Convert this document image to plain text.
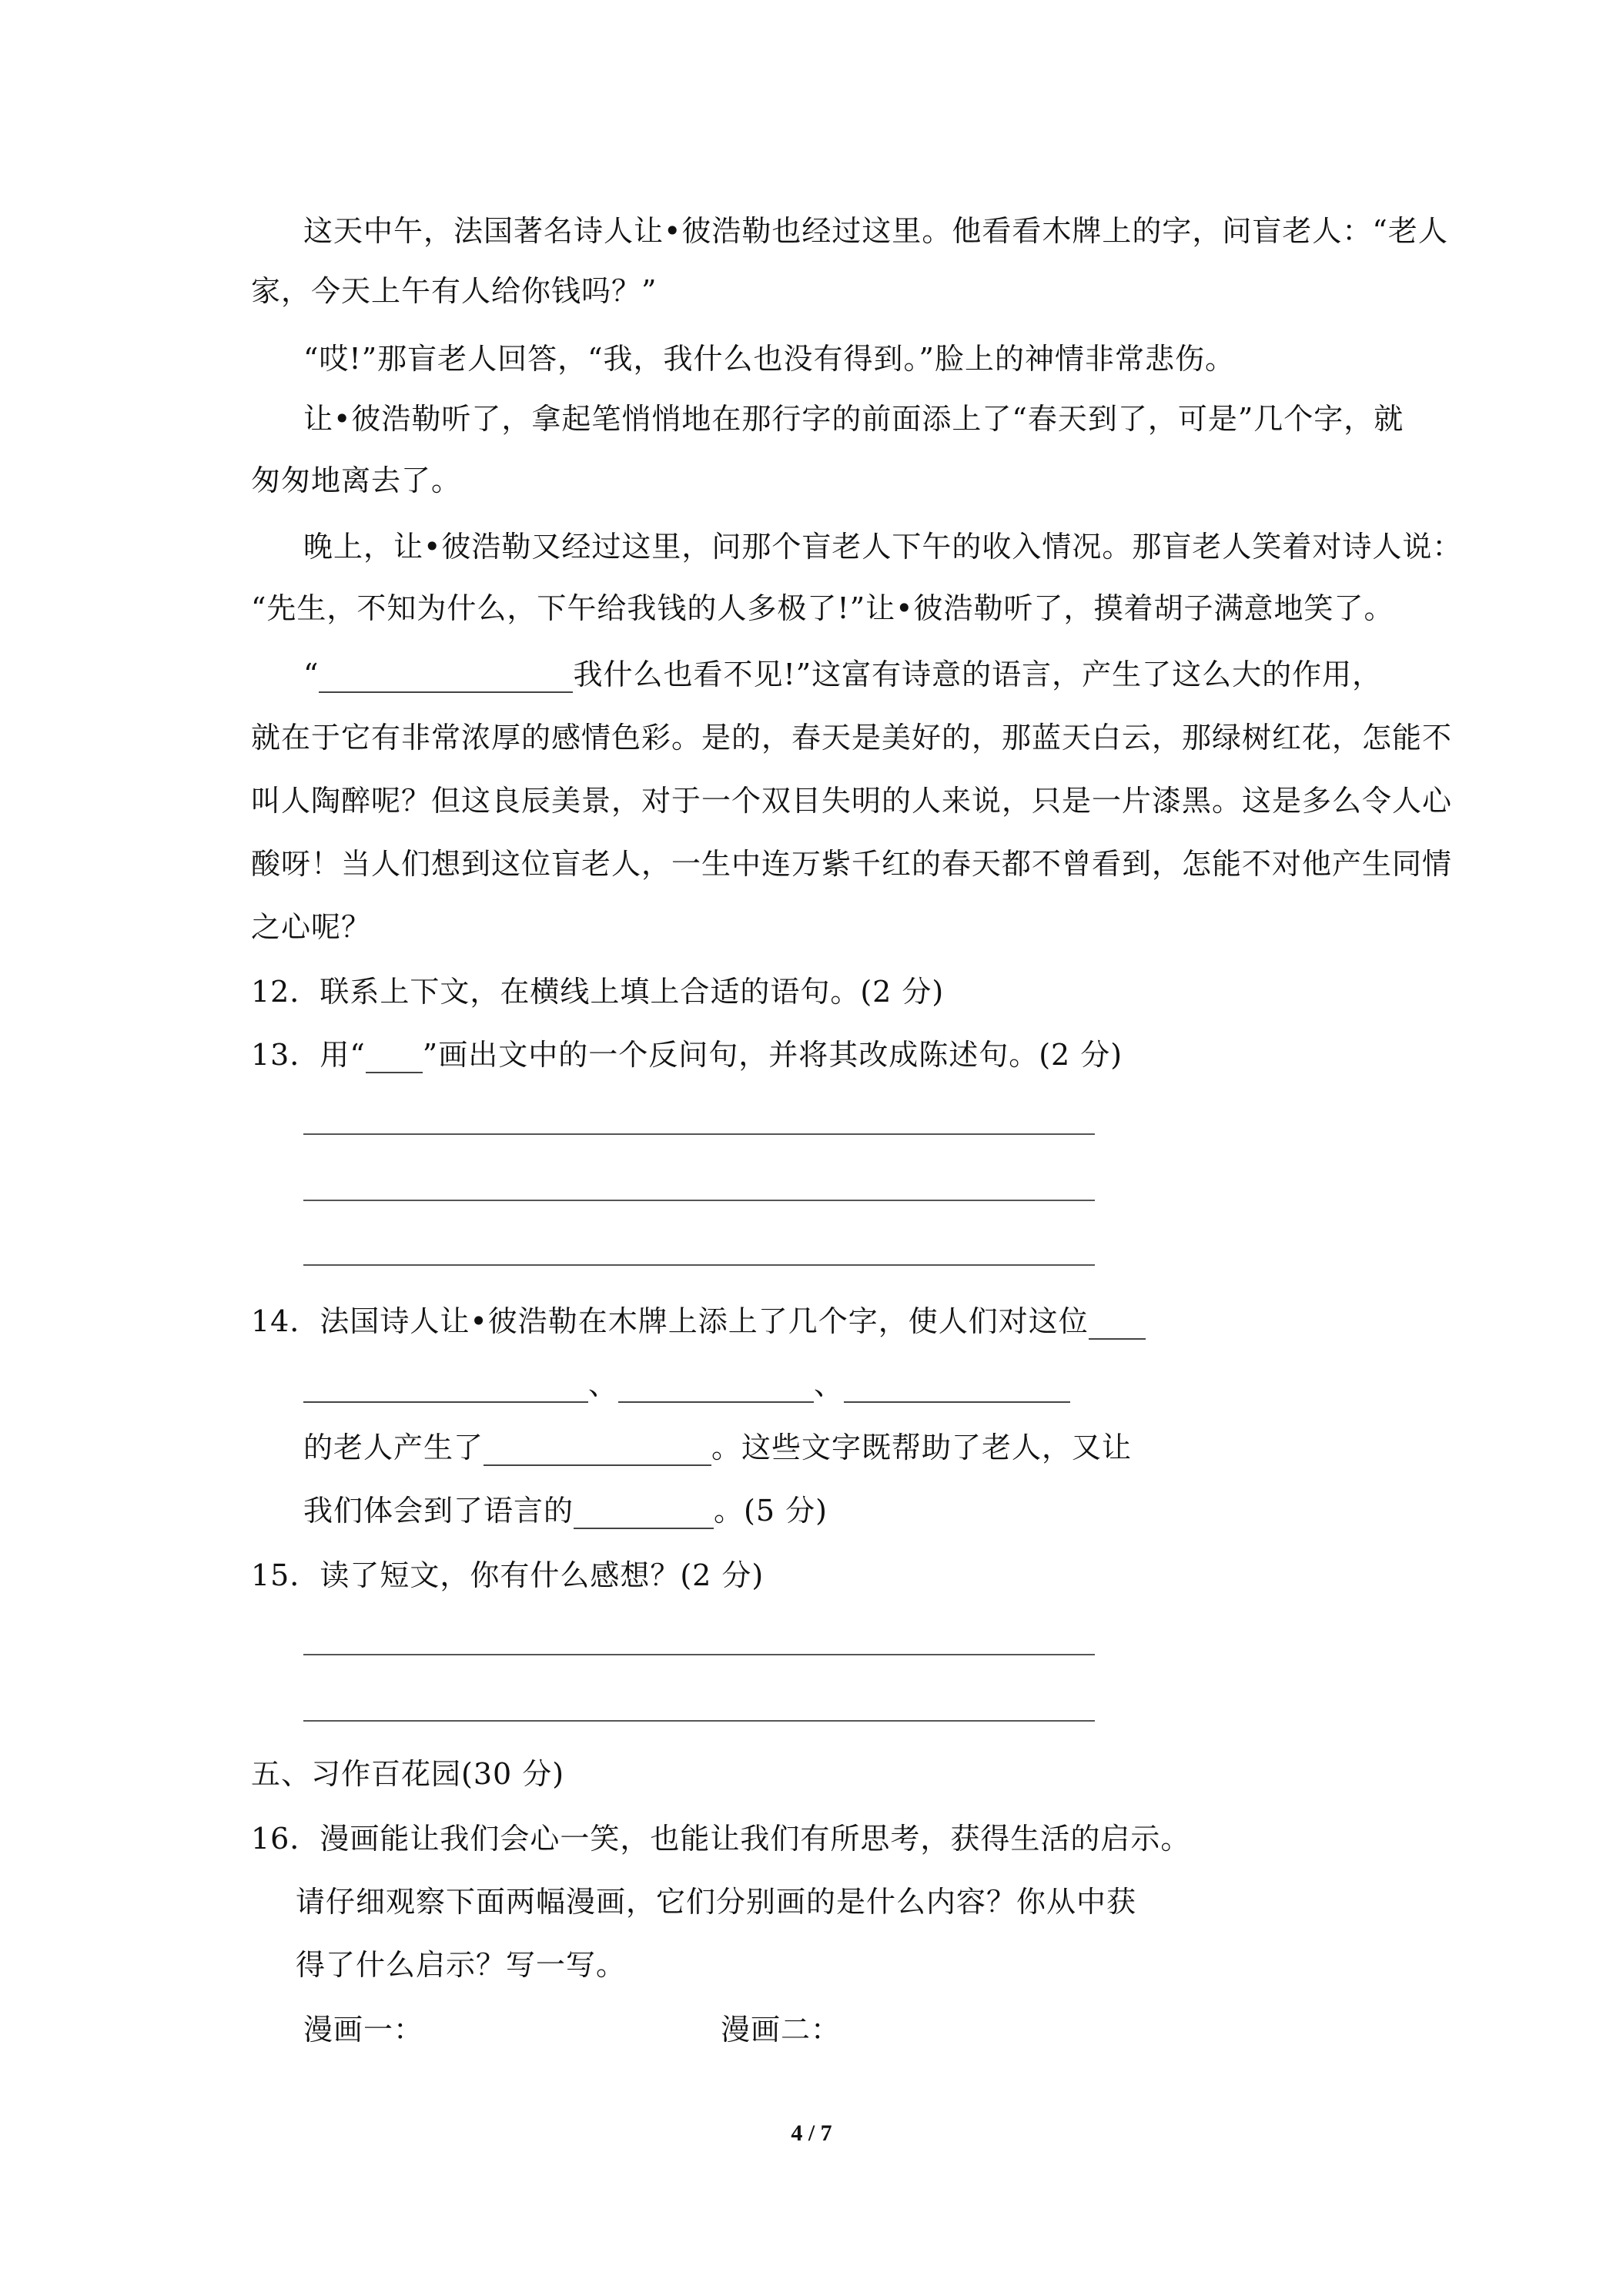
这天中午，法国著名诗人让•彼浩勒也经过这里。他看看木牌上的字，问盲老人：“老人
家，今天上午有人给你钱吗？”
“哎!”那盲老人回答，“我，我什么也没有得到。”脸上的神情非常悲伤。
让•彼浩勒听了，拿起笔悄悄地在那行字的前面添上了“春天到了，可是”几个字，就
匆匆地离去了。
晚上，让•彼浩勒又经过这里，问那个盲老人下午的收入情况。那盲老人笑着对诗人说：
“先生，不知为什么，下午给我钱的人多极了!”让•彼浩勒听了，摸着胡子满意地笑了。
“	我什么也看不见!”这富有诗意的语言，产生了这么大的作用，
就在于它有非常浓厚的感情色彩。是的，春天是美好的，那蓝天白云，那绿树红花，怎能不
叫人陶醉呢？但这良辰美景，对于一个双目失明的人来说，只是一片漆黑。这是多么令人心
酸呀！当人们想到这位盲老人，一生中连万紫千红的春天都不曾看到，怎能不对他产生同情
之心呢？
12．联系上下文，在横线上填上合适的语句。(2 分)
13．用“ ”画出文中的一个反问句，并将其改成陈述句。(2 分)
14．法国诗人让•彼浩勒在木牌上添上了几个字，使人们对这位
、	、
的老人产生了	。这些文字既帮助了老人，又让
我们体会到了语言的	。(5 分)
15．读了短文，你有什么感想？(2 分)
五、习作百花园(30 分)
16．漫画能让我们会心一笑，也能让我们有所思考，获得生活的启示。
请仔细观察下面两幅漫画，它们分别画的是什么内容？你从中获
得了什么启示？写一写。
漫画一：	漫画二：
4 / 7
